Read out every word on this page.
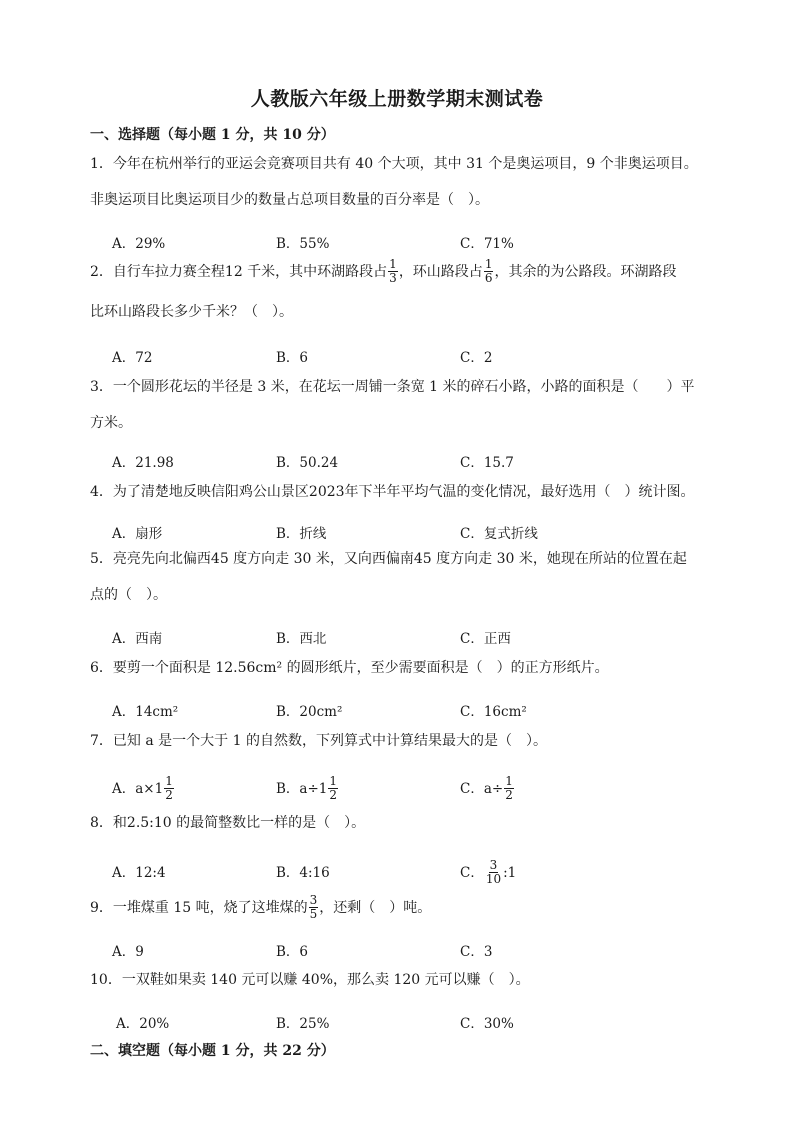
人教版六年级上册数学期末测试卷
一、选择题（每小题 1 分，共 10 分）
1．今年在杭州举行的亚运会竞赛项目共有 40 个大项，其中 31 个是奥运项目，9 个非奥运项目。
非奥运项目比奥运项目少的数量占总项目数量的百分率是（　）。
A．29%	B．55%	C．71%
2．自行车拉力赛全程12 千米，其中环湖路段占 $\frac{1}{3}$ ，环山路段占 $\frac{1}{6}$ ，其余的为公路段。环湖路段
比环山路段长多少千米？（　）。
A．72	B．6	C．2
3．一个圆形花坛的半径是 3 米，在花坛一周铺一条宽 1 米的碎石小路，小路的面积是（　　）平
方米。
A．21.98	B．50.24	C．15.7
4．为了清楚地反映信阳鸡公山景区2023年下半年平均气温的变化情况，最好选用（　）统计图。
A．扇形	B．折线	C．复式折线
5．亮亮先向北偏西45 度方向走 30 米，又向西偏南45 度方向走 30 米，她现在所站的位置在起
点的（　）。
A．西南	B．西北	C．正西
6．要剪一个面积是 12.56cm² 的圆形纸片，至少需要面积是（　）的正方形纸片。
A．14cm²	B．20cm²	C．16cm²
7．已知 a 是一个大于 1 的自然数，下列算式中计算结果最大的是（　）。
A．$a\times 1 \frac{1}{2}$	B．$a\div 1 \frac{1}{2}$	C．$a\div \frac{1}{2}$
8．和2.5:10 的最简整数比一样的是（　）。
A．12:4	B．4:16	C． $\frac{3}{10}$ :1
9．一堆煤重 15 吨，烧了这堆煤的 $\frac{3}{5}$ ，还剩（　）吨。
A．9	B．6	C．3
10．一双鞋如果卖 140 元可以赚 40%，那么卖 120 元可以赚（　）。
A．20%	B．25%	C．30%
二、填空题（每小题 1 分，共 22 分）
